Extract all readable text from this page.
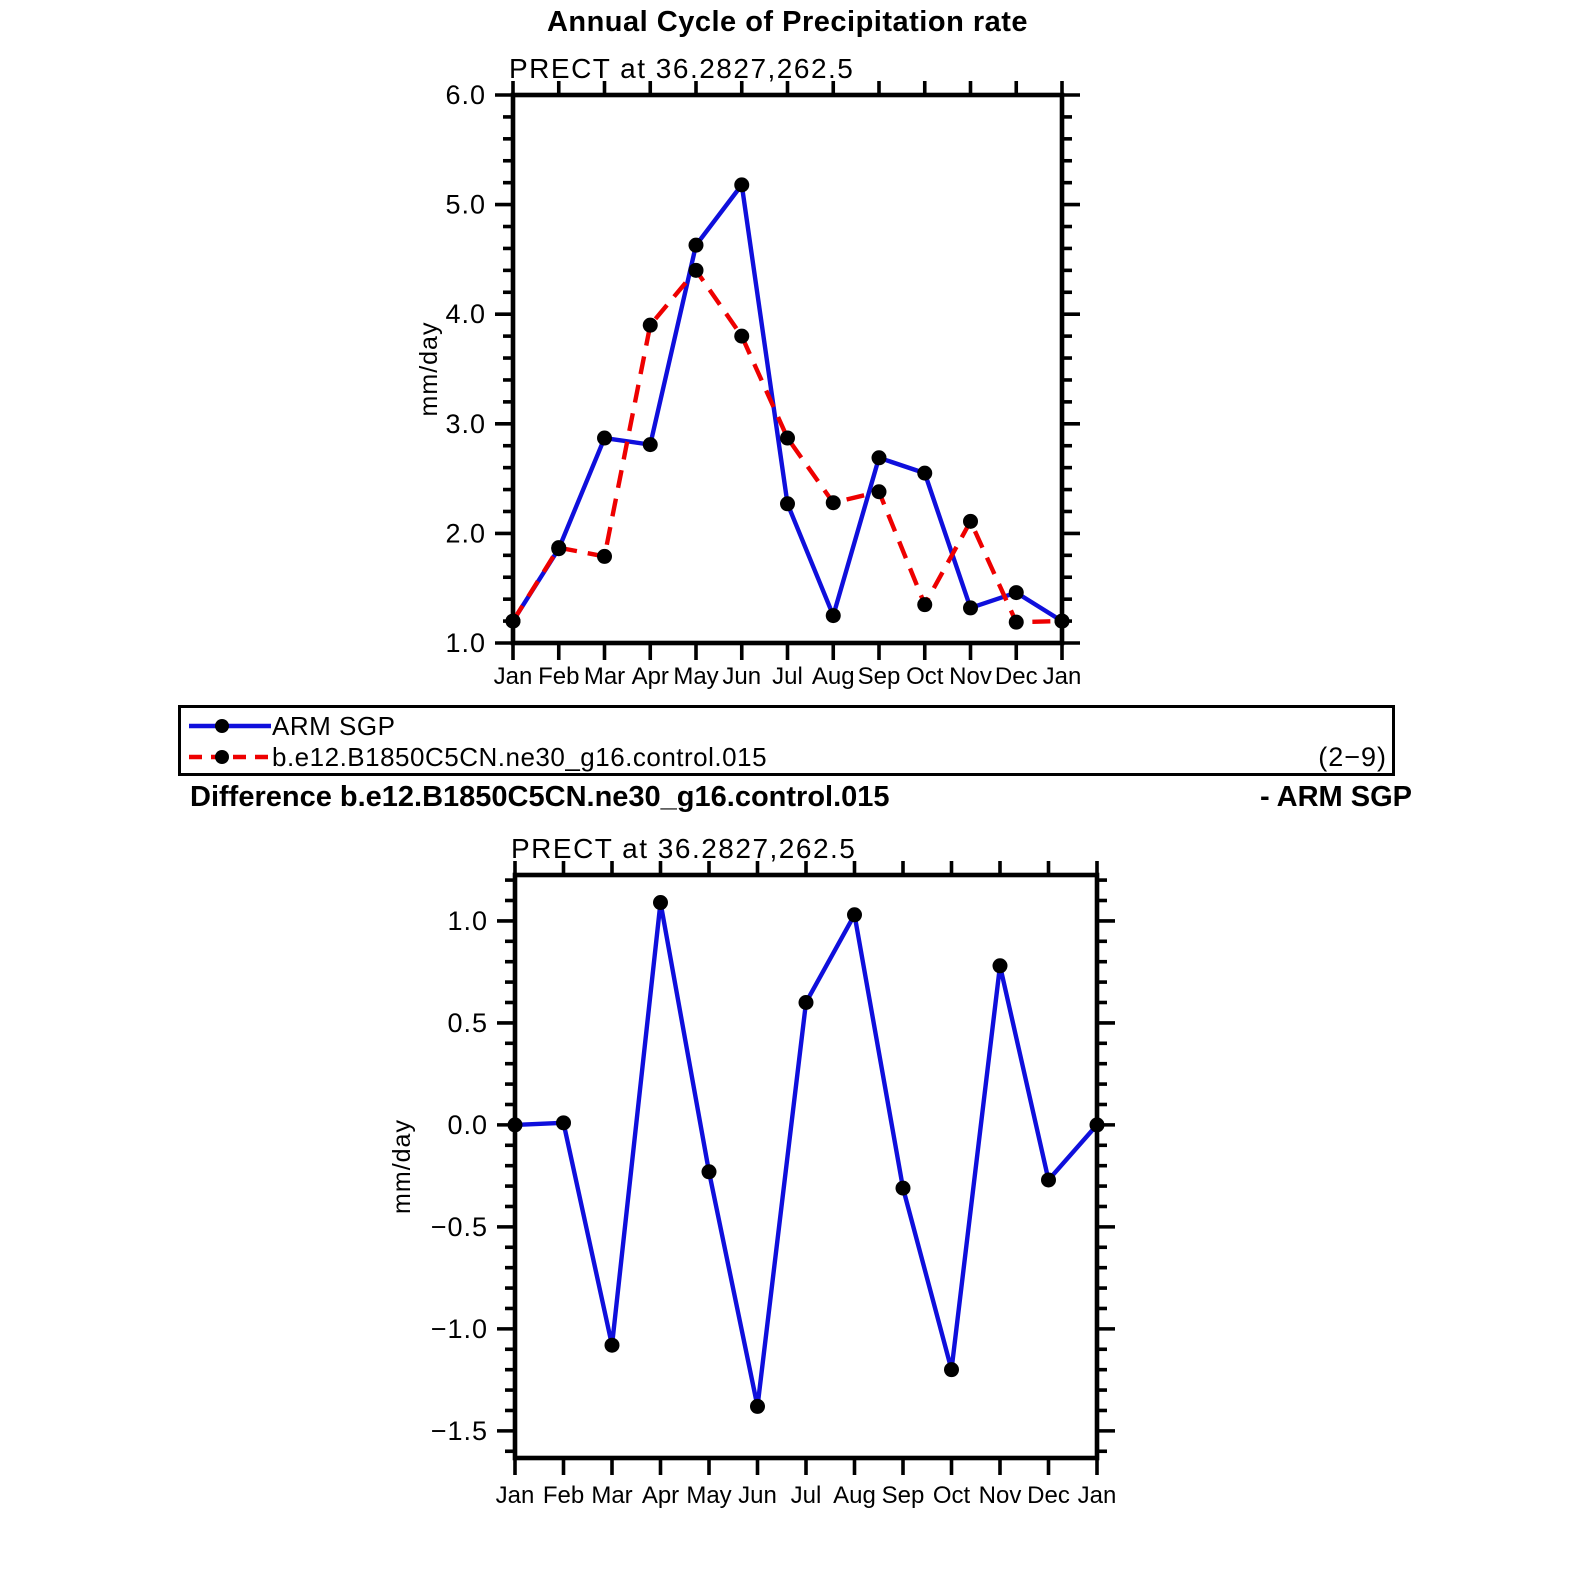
Annual Cycle of Precipitation rate
Jan Feb Mar Apr May Jun Jul Aug Sep Oct Nov Dec Jan
1.0
2.0
3.0
4.0
5.0
6.0
PRECT at 36.2827,262.5
mm/day
Jan Feb Mar Apr May Jun Jul Aug Sep Oct Nov Dec Jan
−1.5
−1.0
−0.5
0.0
0.5
1.0
PRECT at 36.2827,262.5
mm/day
ARM SGP
b.e12.B1850C5CN.ne30_g16.control.015	(2−9)
Difference b.e12.B1850C5CN.ne30_g16.control.015	- ARM SGP
